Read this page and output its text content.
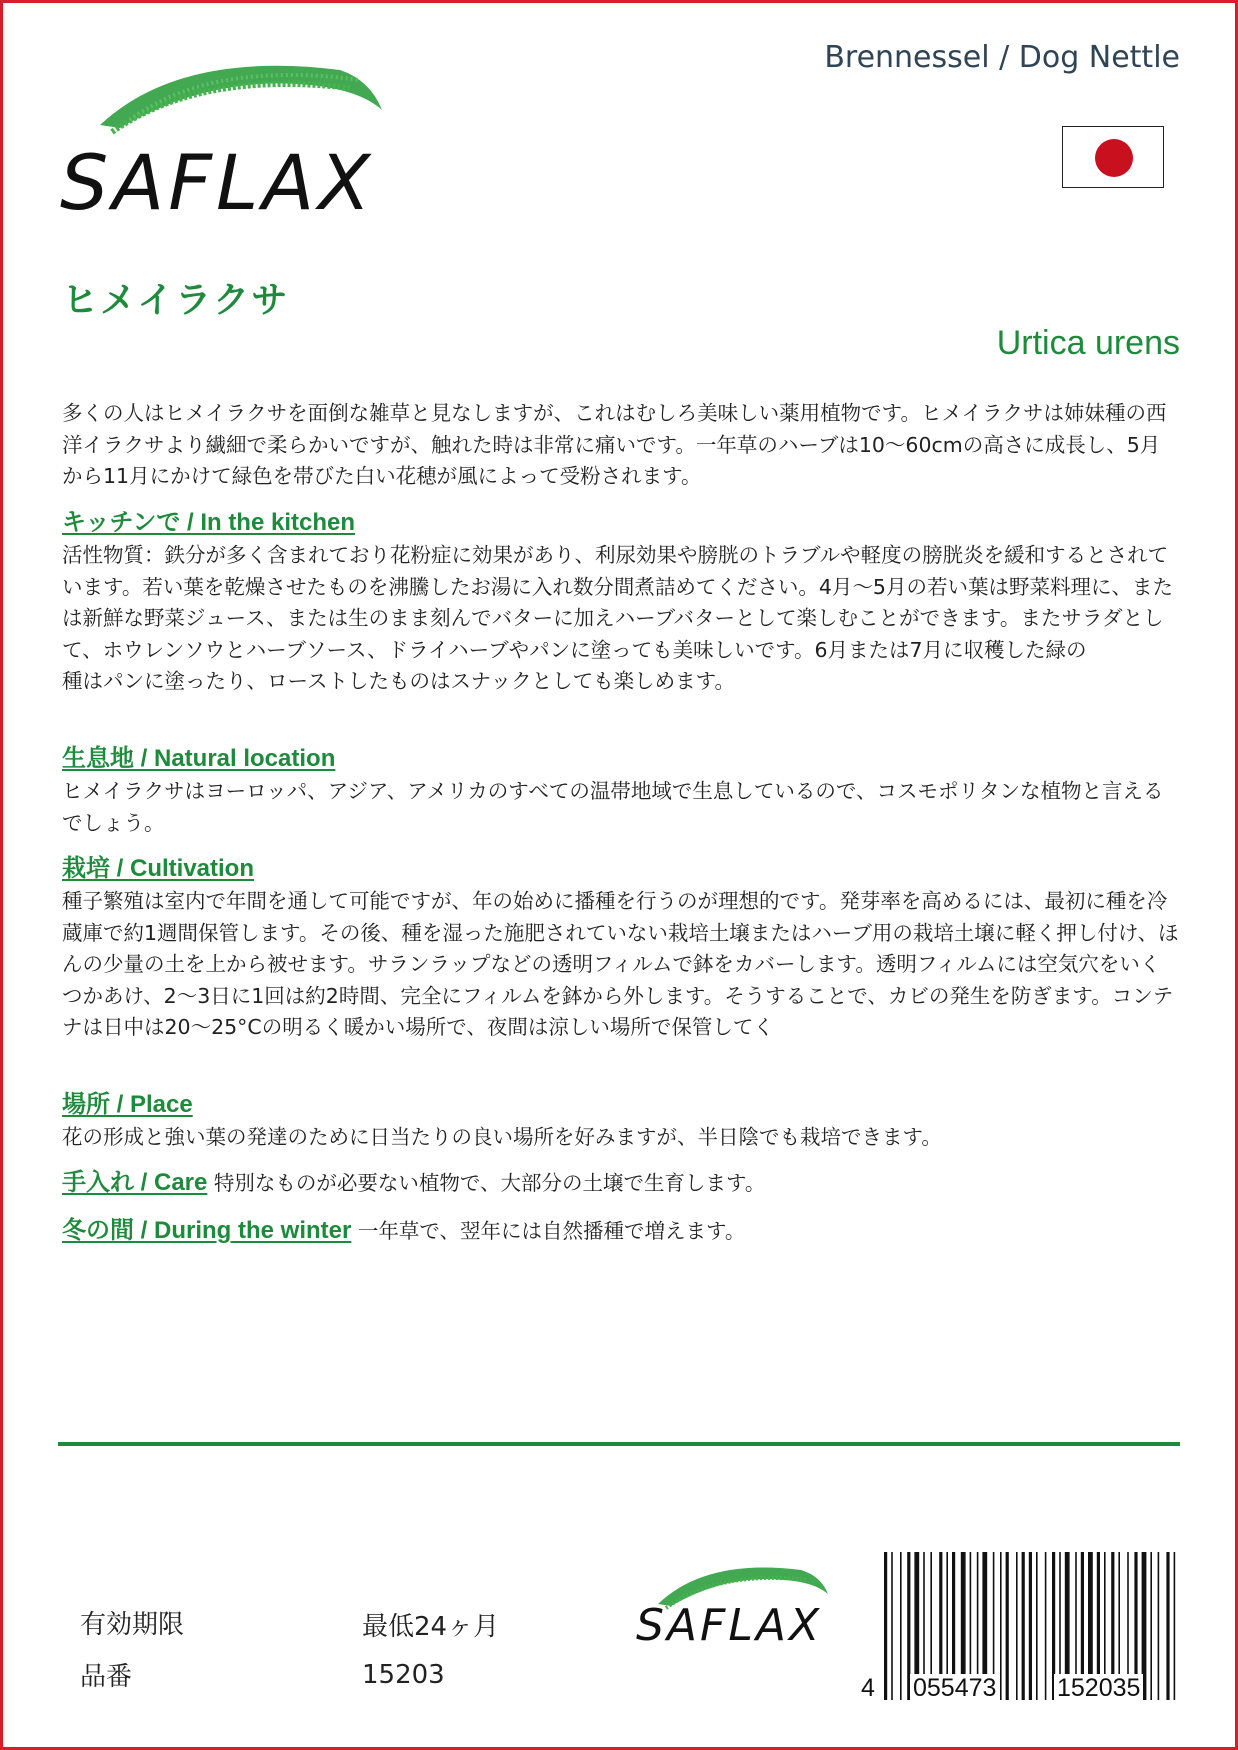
SAFLAX
Brennessel / Dog Nettle
ヒメイラクサ
Urtica urens
多くの人はヒメイラクサを面倒な雑草と見なしますが、これはむしろ美味しい薬用植物です。ヒメイラクサは姉妹種の西洋イラクサより繊細で柔らかいですが、触れた時は非常に痛いです。一年草のハーブは10〜60cmの高さに成長し、5月から11月にかけて緑色を帯びた白い花穂が風によって受粉されます。
キッチンで / In the kitchen
活性物質：鉄分が多く含まれており花粉症に効果があり、利尿効果や膀胱のトラブルや軽度の膀胱炎を緩和するとされています。若い葉を乾燥させたものを沸騰したお湯に入れ数分間煮詰めてください。4月～5月の若い葉は野菜料理に、または新鮮な野菜ジュース、または生のまま刻んでバターに加えハーブバターとして楽しむことができます。またサラダとして、ホウレンソウとハーブソース、ドライハーブやパンに塗っても美味しいです。6月または7月に収穫した緑の
種はパンに塗ったり、ローストしたものはスナックとしても楽しめます。
生息地 / Natural location
ヒメイラクサはヨーロッパ、アジア、アメリカのすべての温帯地域で生息しているので、コスモポリタンな植物と言えるでしょう。
栽培 / Cultivation
種子繁殖は室内で年間を通して可能ですが、年の始めに播種を行うのが理想的です。発芽率を高めるには、最初に種を冷蔵庫で約1週間保管します。その後、種を湿った施肥されていない栽培土壌またはハーブ用の栽培土壌に軽く押し付け、ほんの少量の土を上から被せます。サランラップなどの透明フィルムで鉢をカバーします。透明フィルムには空気穴をいくつかあけ、2～3日に1回は約2時間、完全にフィルムを鉢から外します。そうすることで、カビの発生を防ぎます。コンテナは日中は20〜25°Cの明るく暖かい場所で、夜間は涼しい場所で保管してく
場所 / Place
花の形成と強い葉の発達のために日当たりの良い場所を好みますが、半日陰でも栽培できます。
手入れ / Care 特別なものが必要ない植物で、大部分の土壌で生育します。
冬の間 / During the winter 一年草で、翌年には自然播種で増えます。
有効期限	最低24ヶ月
品番	15203
SAFLAX
4 055473 152035
